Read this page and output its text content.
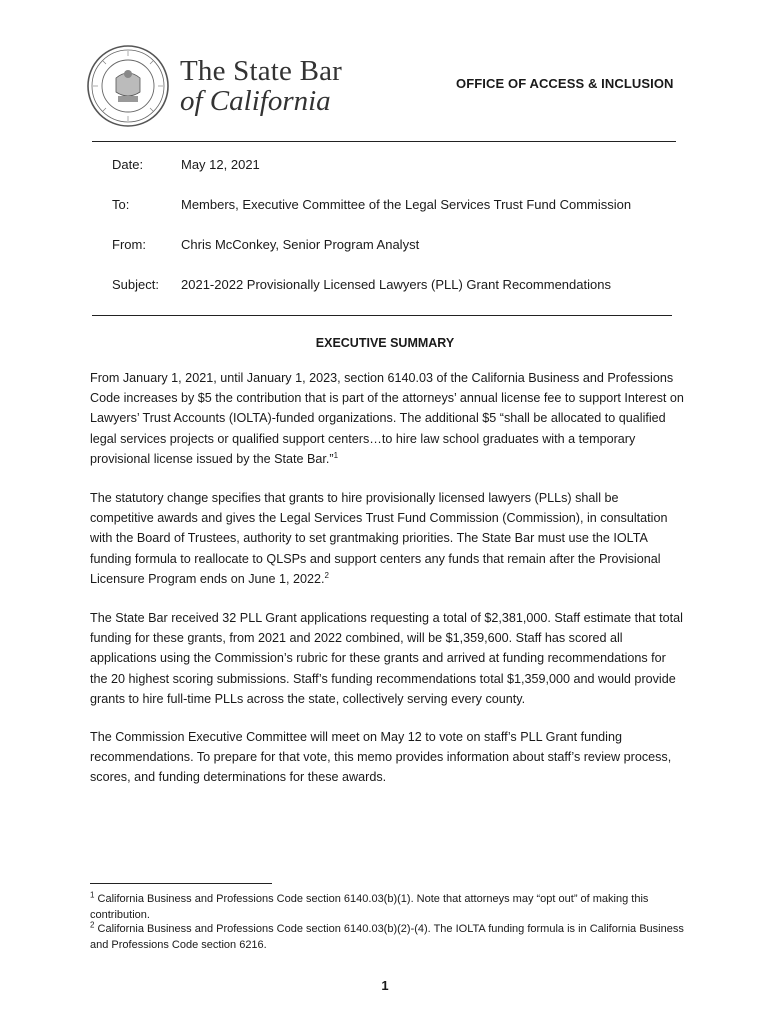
The State Bar
of California
OFFICE OF ACCESS & INCLUSION
Date:	May 12, 2021
To:	Members, Executive Committee of the Legal Services Trust Fund Commission
From:	Chris McConkey, Senior Program Analyst
Subject:	2021-2022 Provisionally Licensed Lawyers (PLL) Grant Recommendations
EXECUTIVE SUMMARY
From January 1, 2021, until January 1, 2023, section 6140.03 of the California Business and Professions Code increases by $5 the contribution that is part of the attorneys’ annual license fee to support Interest on Lawyers’ Trust Accounts (IOLTA)-funded organizations. The additional $5 “shall be allocated to qualified legal services projects or qualified support centers…to hire law school graduates with a temporary provisional license issued by the State Bar.”$^1$
The statutory change specifies that grants to hire provisionally licensed lawyers (PLLs) shall be competitive awards and gives the Legal Services Trust Fund Commission (Commission), in consultation with the Board of Trustees, authority to set grantmaking priorities. The State Bar must use the IOLTA funding formula to reallocate to QLSPs and support centers any funds that remain after the Provisional Licensure Program ends on June 1, 2022.$^2$
The State Bar received 32 PLL Grant applications requesting a total of $2,381,000. Staff estimate that total funding for these grants, from 2021 and 2022 combined, will be $1,359,600. Staff has scored all applications using the Commission’s rubric for these grants and arrived at funding recommendations for the 20 highest scoring submissions. Staff’s funding recommendations total $1,359,000 and would provide grants to hire full-time PLLs across the state, collectively serving every county.
The Commission Executive Committee will meet on May 12 to vote on staff’s PLL Grant funding recommendations. To prepare for that vote, this memo provides information about staff’s review process, scores, and funding determinations for these awards.
$^1$ California Business and Professions Code section 6140.03(b)(1). Note that attorneys may “opt out” of making this contribution.
$^2$ California Business and Professions Code section 6140.03(b)(2)-(4). The IOLTA funding formula is in California Business and Professions Code section 6216.
1
